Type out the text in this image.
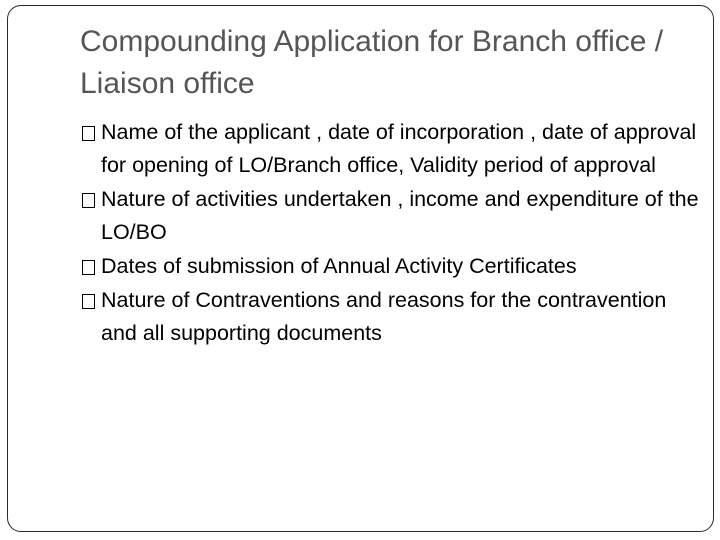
Compounding Application for Branch office / Liaison office
Name of the applicant , date of incorporation , date of approval for opening of LO/Branch office, Validity period of approval
Nature of activities undertaken , income and expenditure of the LO/BO
Dates of submission of Annual Activity Certificates
Nature of Contraventions and reasons for the contravention and all supporting documents
